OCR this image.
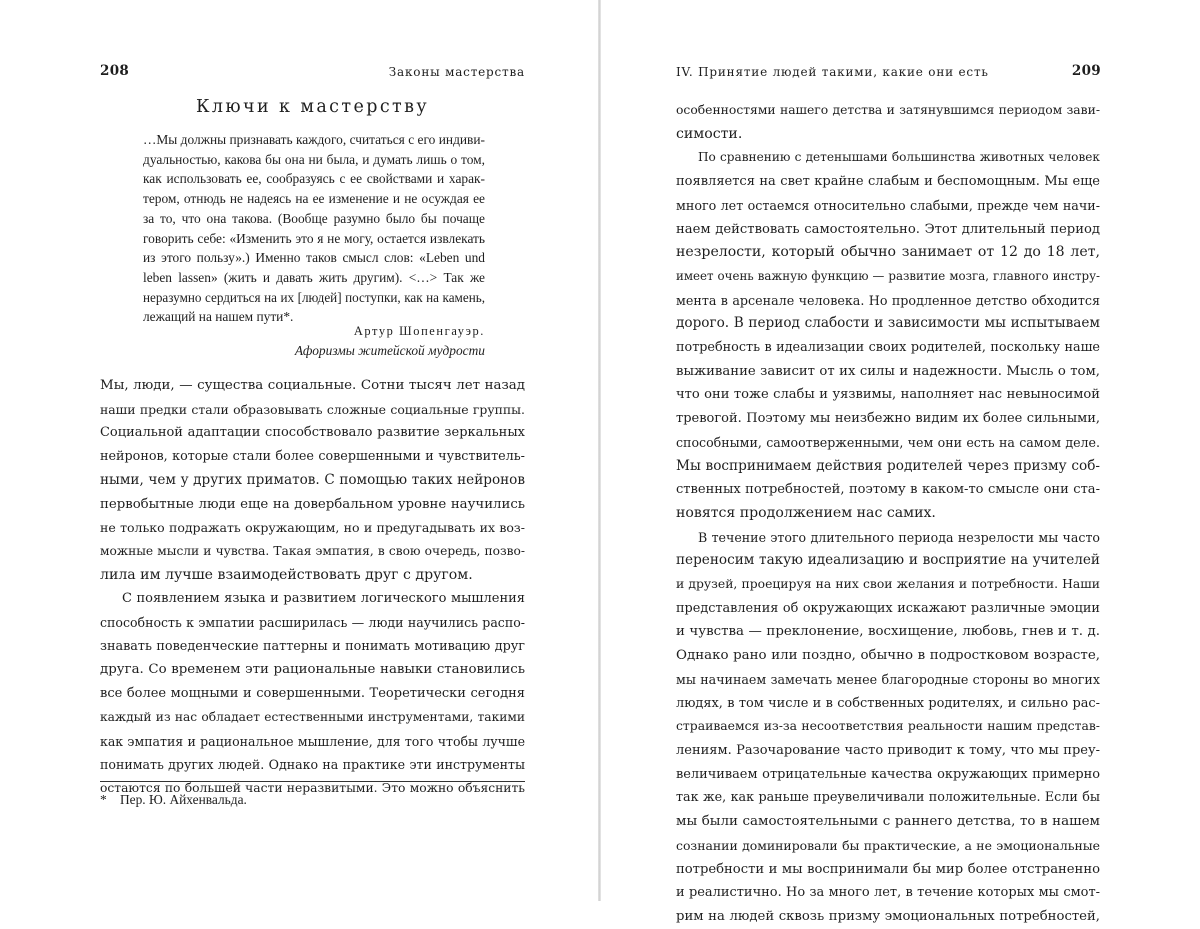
208	Законы мастерства
Ключи к мастерству
…Мы должны признавать каждого, считаться с его индиви-
дуальностью, какова бы она ни была, и думать лишь о том,
как использовать ее, сообразуясь с ее свойствами и харак-
тером, отнюдь не надеясь на ее изменение и не осуждая ее
за то, что она такова. (Вообще разумно было бы почаще
говорить себе: «Изменить это я не могу, остается извлекать
из этого пользу».) Именно таков смысл слов: «Leben und
leben lassen» (жить и давать жить другим). <…> Так же
неразумно сердиться на их [людей] поступки, как на камень,
лежащий на нашем пути*.
Артур Шопенгауэр.
Афоризмы житейской мудрости
Мы, люди, — существа социальные. Сотни тысяч лет назад
наши предки стали образовывать сложные социальные группы.
Социальной адаптации способствовало развитие зеркальных
нейронов, которые стали более совершенными и чувствитель-
ными, чем у других приматов. С помощью таких нейронов
первобытные люди еще на довербальном уровне научились
не только подражать окружающим, но и предугадывать их воз-
можные мысли и чувства. Такая эмпатия, в свою очередь, позво-
лила им лучше взаимодействовать друг с другом.
С появлением языка и развитием логического мышления
способность к эмпатии расширилась — люди научились распо-
знавать поведенческие паттерны и понимать мотивацию друг
друга. Со временем эти рациональные навыки становились
все более мощными и совершенными. Теоретически сегодня
каждый из нас обладает естественными инструментами, такими
как эмпатия и рациональное мышление, для того чтобы лучше
понимать других людей. Однако на практике эти инструменты
остаются по большей части неразвитыми. Это можно объяснить
* Пер. Ю. Айхенвальда.
IV. Принятие людей такими, какие они есть	209
особенностями нашего детства и затянувшимся периодом зави-
симости.
По сравнению с детенышами большинства животных человек
появляется на свет крайне слабым и беспомощным. Мы еще
много лет остаемся относительно слабыми, прежде чем начи-
наем действовать самостоятельно. Этот длительный период
незрелости, который обычно занимает от 12 до 18 лет,
имеет очень важную функцию — развитие мозга, главного инстру-
мента в арсенале человека. Но продленное детство обходится
дорого. В период слабости и зависимости мы испытываем
потребность в идеализации своих родителей, поскольку наше
выживание зависит от их силы и надежности. Мысль о том,
что они тоже слабы и уязвимы, наполняет нас невыносимой
тревогой. Поэтому мы неизбежно видим их более сильными,
способными, самоотверженными, чем они есть на самом деле.
Мы воспринимаем действия родителей через призму соб-
ственных потребностей, поэтому в каком-то смысле они ста-
новятся продолжением нас самих.
В течение этого длительного периода незрелости мы часто
переносим такую идеализацию и восприятие на учителей
и друзей, проецируя на них свои желания и потребности. Наши
представления об окружающих искажают различные эмоции
и чувства — преклонение, восхищение, любовь, гнев и т. д.
Однако рано или поздно, обычно в подростковом возрасте,
мы начинаем замечать менее благородные стороны во многих
людях, в том числе и в собственных родителях, и сильно рас-
страиваемся из-за несоответствия реальности нашим представ-
лениям. Разочарование часто приводит к тому, что мы преу-
величиваем отрицательные качества окружающих примерно
так же, как раньше преувеличивали положительные. Если бы
мы были самостоятельными с раннего детства, то в нашем
сознании доминировали бы практические, а не эмоциональные
потребности и мы воспринимали бы мир более отстраненно
и реалистично. Но за много лет, в течение которых мы смот-
рим на людей сквозь призму эмоциональных потребностей,
